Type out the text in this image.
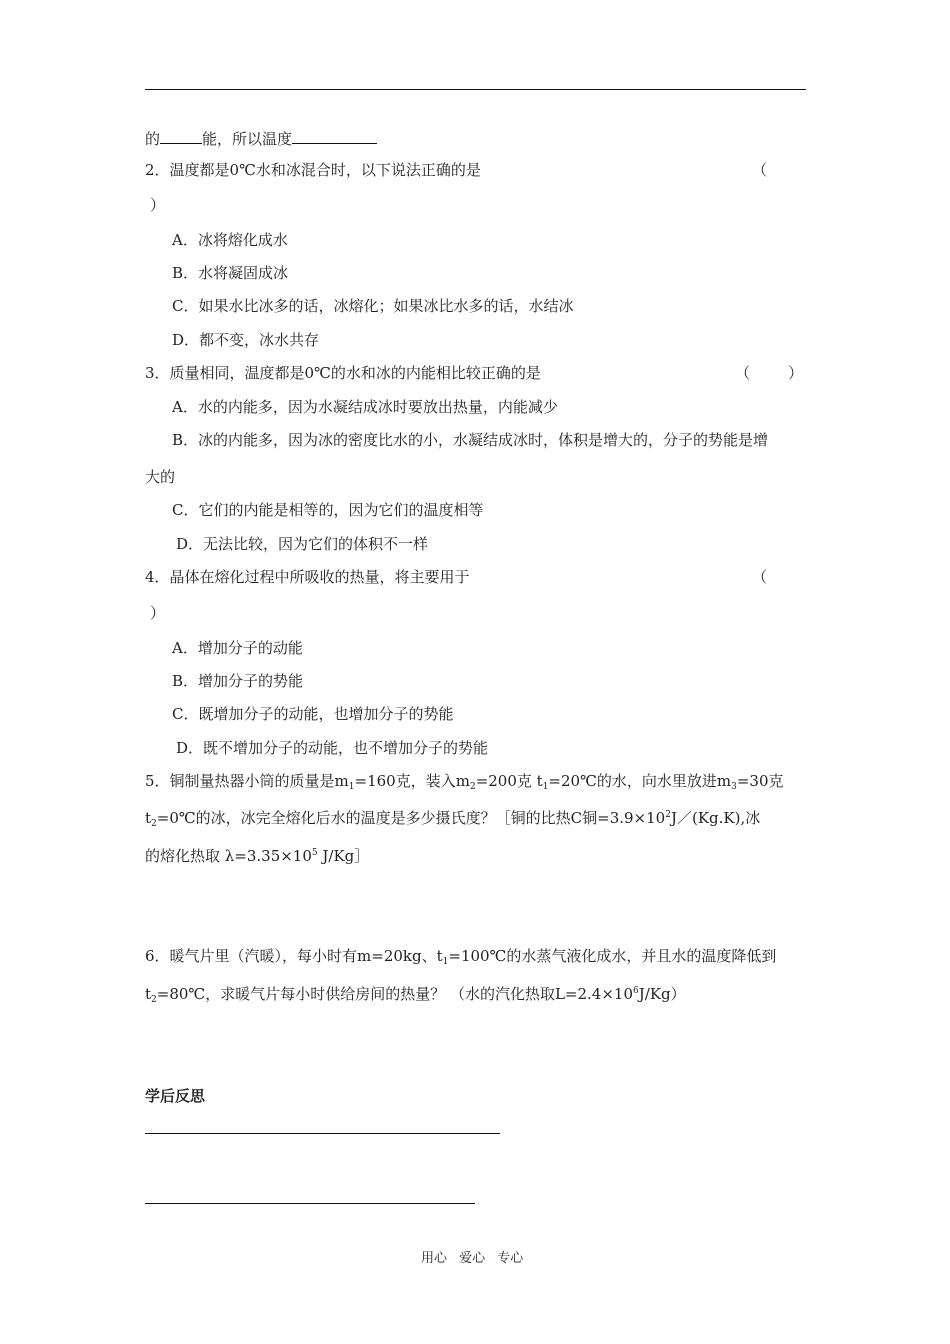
的	能，所以温度
2．温度都是0℃水和冰混合时，以下说法正确的是	（
）
A．冰将熔化成水
B．水将凝固成冰
C．如果水比冰多的话，冰熔化；如果冰比水多的话，水结冰
D．都不变，冰水共存
3．质量相同，温度都是0℃的水和冰的内能相比较正确的是	（        ）
A．水的内能多，因为水凝结成冰时要放出热量，内能减少
B．冰的内能多，因为冰的密度比水的小，水凝结成冰时，体积是增大的，分子的势能是增
大的
C．它们的内能是相等的，因为它们的温度相等
D．无法比较，因为它们的体积不一样
4．晶体在熔化过程中所吸收的热量，将主要用于	（
）
A．增加分子的动能
B．增加分子的势能
C．既增加分子的动能，也增加分子的势能
D．既不增加分子的动能，也不增加分子的势能
5．铜制量热器小筒的质量是$m_1=160$克，装入$m_2=200$克 $t_1=20℃$的水，向水里放进$m_3=30$克
$t_2=0℃$的冰，冰完全熔化后水的温度是多少摄氏度？［铜的比热C铜$=3.9\times 10^2J/(Kg.K)$,冰
的熔化热取 $\lambda=3.35\times 10^5$ J/Kg］
6．暖气片里（汽暖），每小时有m=20kg、$t_1=100℃$的水蒸气液化成水，并且水的温度降低到
$t_2=80℃$，求暖气片每小时供给房间的热量？ （水的汽化热取$L=2.4\times 10^6J/Kg$）
学后反思
用心 爱心 专心
